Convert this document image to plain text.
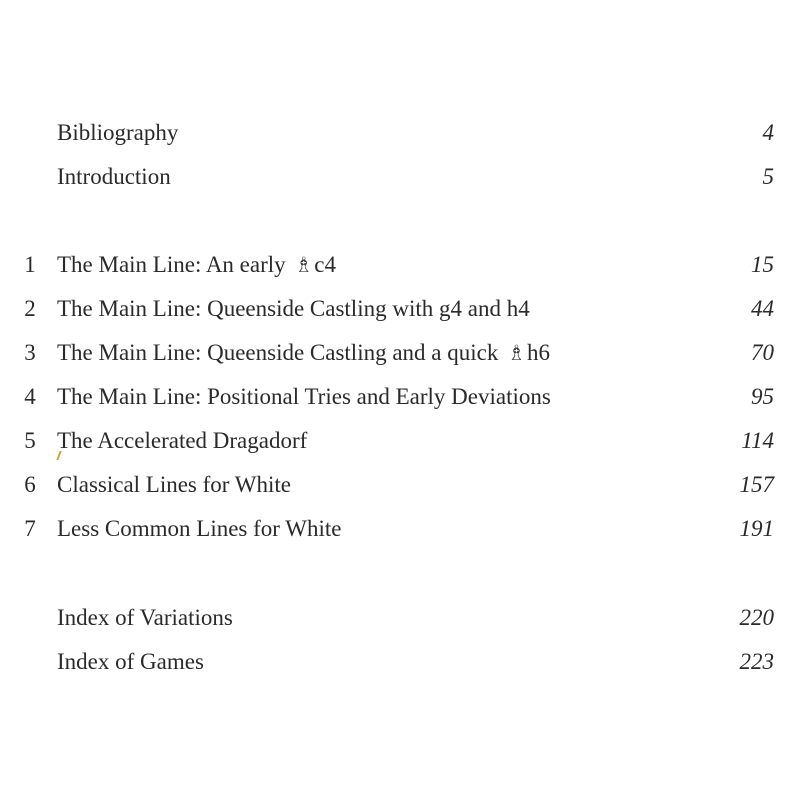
Bibliography	4
Introduction	5
1 The Main Line: An early ♗c4	15
2 The Main Line: Queenside Castling with g4 and h4	44
3 The Main Line: Queenside Castling and a quick ♗h6	70
4 The Main Line: Positional Tries and Early Deviations	95
5 The Accelerated Dragadorf	114
6 Classical Lines for White	157
7 Less Common Lines for White	191
Index of Variations	220
Index of Games	223
